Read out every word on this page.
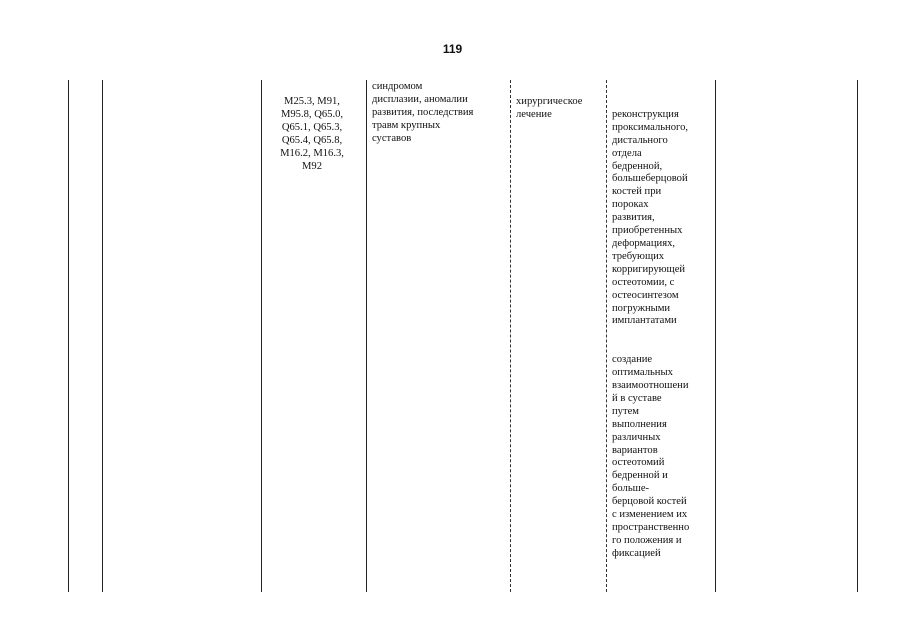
119
M25.3, M91,
M95.8, Q65.0,
Q65.1, Q65.3,
Q65.4, Q65.8,
M16.2, M16.3,
M92
синдромом
дисплазии, аномалии
развития, последствия
травм крупных
суставов
хирургическое
лечение	реконструкция
проксимального,
дистального
отдела
бедренной,
большеберцовой
костей при
пороках
развития,
приобретенных
деформациях,
требующих
корригирующей
остеотомии, с
остеосинтезом
погружными
имплантатами

создание
оптимальных
взаимоотношени
й в суставе
путем
выполнения
различных
вариантов
остеотомий
бедренной и
больше-
берцовой костей
с изменением их
пространственно
го положения и
фиксацией
